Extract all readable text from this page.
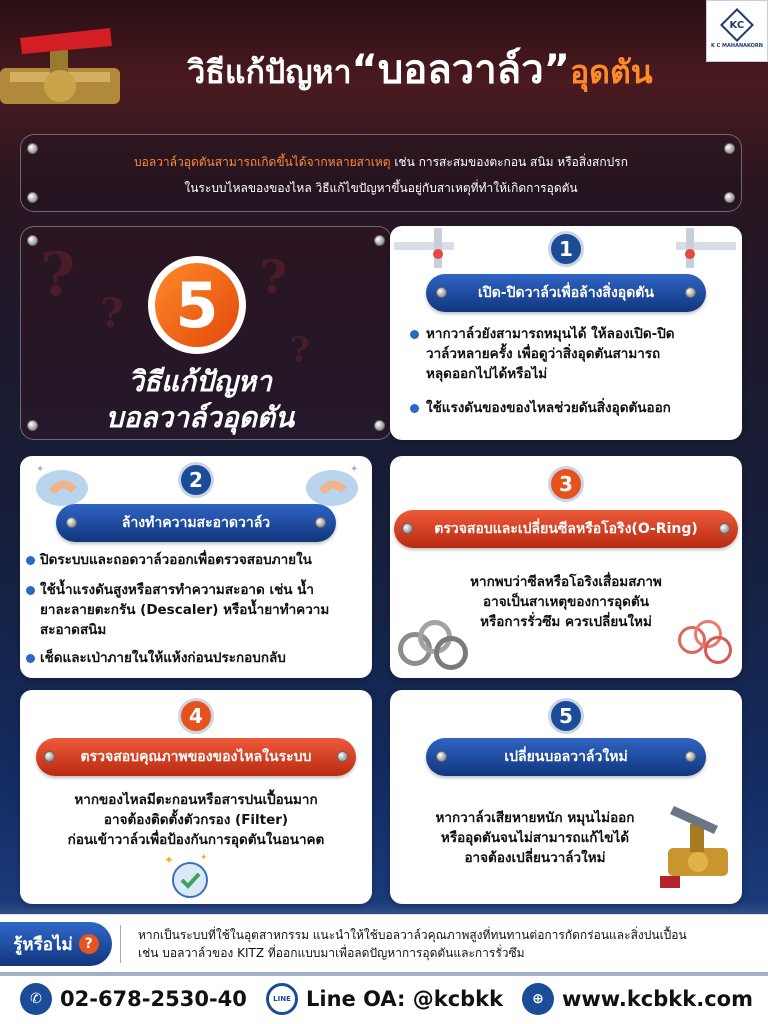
?
?
?
?
KC
K C MAHANAKORN
วิธีแก้ปัญหา“บอลวาล์ว”อุดตัน

บอลวาล์วอุดตันสามารถเกิดขึ้นได้จากหลายสาเหตุ เช่น การสะสมของตะกอน สนิม หรือสิ่งสกปรก

ในระบบไหลของของไหล วิธีแก้ไขปัญหาขึ้นอยู่กับสาเหตุที่ทำให้เกิดการอุดตัน

5
วิธีแก้ปัญหา
บอลวาล์วอุดตัน
1
เปิด-ปิดวาล์วเพื่อล้างสิ่งอุดตัน
หากวาล์วยังสามารถหมุนได้ ให้ลองเปิด-ปิด
วาล์วหลายครั้ง เพื่อดูว่าสิ่งอุดตันสามารถ
หลุดออกไปได้หรือไม่
ใช้แรงดันของของไหลช่วยดันสิ่งอุดตันออก
✦	✦
2
ล้างทำความสะอาดวาล์ว
ปิดระบบและถอดวาล์วออกเพื่อตรวจสอบภายใน
ใช้น้ำแรงดันสูงหรือสารทำความสะอาด เช่น น้ำ
ยาละลายตะกรัน (Descaler) หรือน้ำยาทำความ
สะอาดสนิม
เช็ดและเป่าภายในให้แห้งก่อนประกอบกลับ
3
ตรวจสอบและเปลี่ยนซีลหรือโอริง(O-Ring)
หากพบว่าซีลหรือโอริงเสื่อมสภาพ
อาจเป็นสาเหตุของการอุดตัน
หรือการรั่วซึม ควรเปลี่ยนใหม่
4
ตรวจสอบคุณภาพของของไหลในระบบ
หากของไหลมีตะกอนหรือสารปนเปื้อนมาก
อาจต้องติดตั้งตัวกรอง (Filter)
ก่อนเข้าวาล์วเพื่อป้องกันการอุดตันในอนาคต
✦	✦
5
เปลี่ยนบอลวาล์วใหม่
หากวาล์วเสียหายหนัก หมุนไม่ออก
หรืออุดตันจนไม่สามารถแก้ไขได้
อาจต้องเปลี่ยนวาล์วใหม่
รู้หรือไม่ ?
หากเป็นระบบที่ใช้ในอุตสาหกรรม แนะนำให้ใช้บอลวาล์วคุณภาพสูงที่ทนทานต่อการกัดกร่อนและสิ่งปนเปื้อน
เช่น บอลวาล์วของ KITZ ที่ออกแบบมาเพื่อลดปัญหาการอุดตันและการรั่วซึม
✆ 02-678-2530-40	LINE Line OA: @kcbkk	⊕ www.kcbkk.com
